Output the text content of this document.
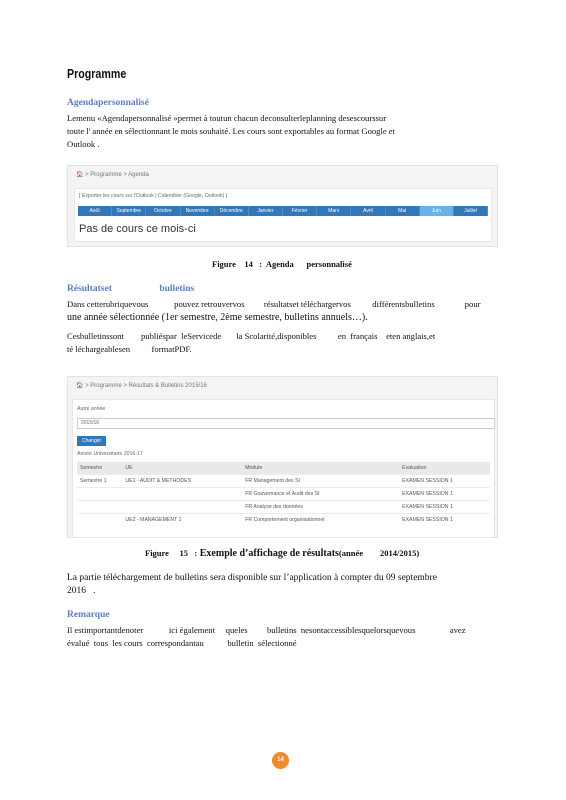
Programme
Agendapersonnalisé
Lemenu «Agendapersonnalisé »permet à toutun chacun deconsulterleplanning desescourssur
toute l' année en sélectionnant le mois souhaité. Les cours sont exportables au format Google et
Outlook .
🏠 > Programme > Agenda
[ Exporter les cours sur l'Outlook | Calendrier (Google, Outlook) ]
Août	Septembre	Octobre	Novembre	Décembre	Janvier	Février	Mars	Avril	Mai	Juin	Juillet
Pas de cours ce mois-ci
Figure    14   :  Agenda      personnalisé
Résultatset                    bulletins
Dans cetterubriquevous            pouvez retrouvervos         résultatset téléchargervos          différentsbulletins              pour
une année sélectionnée (1er semestre, 2ème semestre, bulletins annuels…).
Cesbulletinssont        publiéspar  leServicede       la Scolarité,disponibles          en  français    eten anglais,et
té léchargeablesen          formatPDF.
🏠 > Programme > Résultats & Bulletins 2015/16
Autre année
2015/16
Changer
Année Universitaire 2016-17
Semestre	UE	Module	Evaluation
Semestre 1	UE1 - AUDIT & METHODES	FR Management des SI	EXAMEN SESSION 1
		FR Gouvernance et Audit des SI	EXAMEN SESSION 1
		FR Analyse des données	EXAMEN SESSION 1
	UE2 - MANAGEMENT 1	FR Comportement organisationnel	EXAMEN SESSION 1
Figure     15   : Exemple d’affichage de résultats(année        2014/2015)
La partie téléchargement de bulletins sera disponible sur l’application à compter du 09 septembre
2016   .
Remarque
Il estimportantdenoter            ici également     queles         bulletins  nesontaccessiblesquelorsquevous                avez
évalué  tous  les cours  correspondantau           bulletin  sélectionné
14
